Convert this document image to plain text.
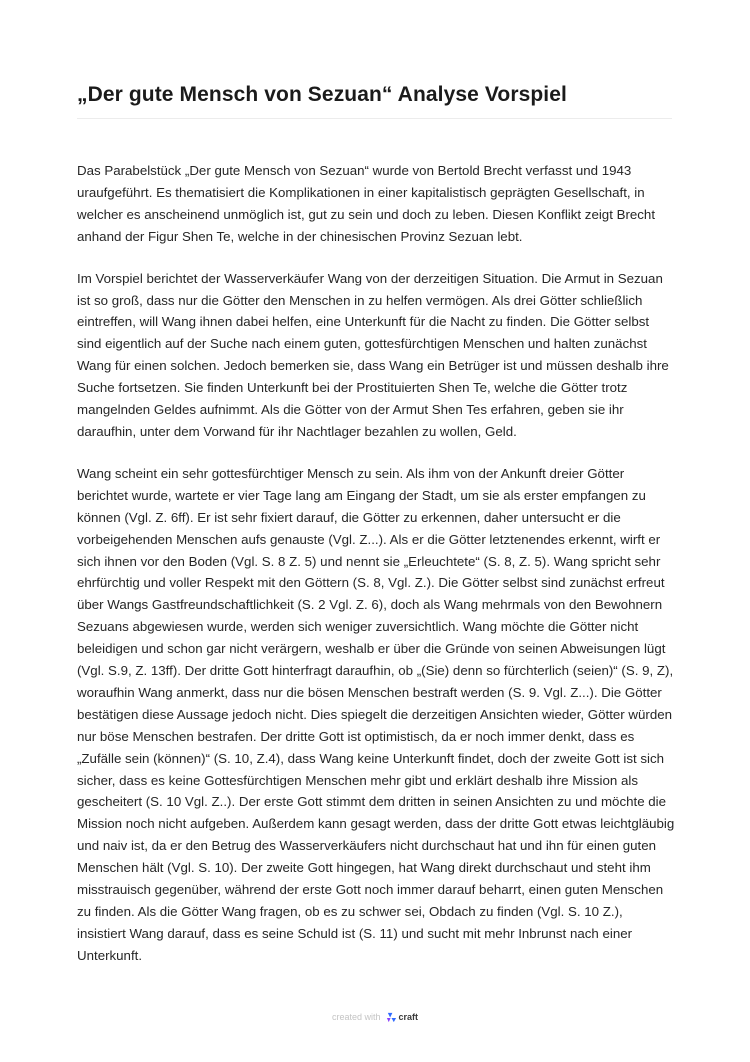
„Der gute Mensch von Sezuan“ Analyse Vorspiel

Das Parabelstück „Der gute Mensch von Sezuan“ wurde von Bertold Brecht verfasst und 1943 uraufgeführt. Es thematisiert die Komplikationen in einer kapitalistisch geprägten Gesellschaft, in welcher es anscheinend unmöglich ist, gut zu sein und doch zu leben. Diesen Konflikt zeigt Brecht anhand der Figur Shen Te, welche in der chinesischen Provinz Sezuan lebt.

Im Vorspiel berichtet der Wasserverkäufer Wang von der derzeitigen Situation. Die Armut in Sezuan ist so groß, dass nur die Götter den Menschen in zu helfen vermögen. Als drei Götter schließlich eintreffen, will Wang ihnen dabei helfen, eine Unterkunft für die Nacht zu finden. Die Götter selbst sind eigentlich auf der Suche nach einem guten, gottesfürchtigen Menschen und halten zunächst Wang für einen solchen. Jedoch bemerken sie, dass Wang ein Betrüger ist und müssen deshalb ihre Suche fortsetzen. Sie finden Unterkunft bei der Prostituierten Shen Te, welche die Götter trotz mangelnden Geldes aufnimmt. Als die Götter von der Armut Shen Tes erfahren, geben sie ihr daraufhin, unter dem Vorwand für ihr Nachtlager bezahlen zu wollen, Geld.

Wang scheint ein sehr gottesfürchtiger Mensch zu sein. Als ihm von der Ankunft dreier Götter berichtet wurde, wartete er vier Tage lang am Eingang der Stadt, um sie als erster empfangen zu können (Vgl. Z. 6ff). Er ist sehr fixiert darauf, die Götter zu erkennen, daher untersucht er die vorbeigehenden Menschen aufs genauste (Vgl. Z...). Als er die Götter letztenendes erkennt, wirft er sich ihnen vor den Boden (Vgl. S. 8 Z. 5) und nennt sie „Erleuchtete“ (S. 8, Z. 5). Wang spricht sehr ehrfürchtig und voller Respekt mit den Göttern (S. 8, Vgl. Z.). Die Götter selbst sind zunächst erfreut über Wangs Gastfreundschaftlichkeit (S. 2 Vgl. Z. 6), doch als Wang mehrmals von den Bewohnern Sezuans abgewiesen wurde, werden sich weniger zuversichtlich. Wang möchte die Götter nicht beleidigen und schon gar nicht verärgern, weshalb er über die Gründe von seinen Abweisungen lügt (Vgl. S.9, Z. 13ff). Der dritte Gott hinterfragt daraufhin, ob „(Sie) denn so fürchterlich (seien)“ (S. 9, Z), woraufhin Wang anmerkt, dass nur die bösen Menschen bestraft werden (S. 9. Vgl. Z...). Die Götter bestätigen diese Aussage jedoch nicht. Dies spiegelt die derzeitigen Ansichten wieder, Götter würden nur böse Menschen bestrafen. Der dritte Gott ist optimistisch, da er noch immer denkt, dass es „Zufälle sein (können)“ (S. 10, Z.4), dass Wang keine Unterkunft findet, doch der zweite Gott ist sich sicher, dass es keine Gottesfürchtigen Menschen mehr gibt und erklärt deshalb ihre Mission als gescheitert (S. 10 Vgl. Z..). Der erste Gott stimmt dem dritten in seinen Ansichten zu und möchte die Mission noch nicht aufgeben. Außerdem kann gesagt werden, dass der dritte Gott etwas leichtgläubig und naiv ist, da er den Betrug des Wasserverkäufers nicht durchschaut hat und ihn für einen guten Menschen hält (Vgl. S. 10). Der zweite Gott hingegen, hat Wang direkt durchschaut und steht ihm misstrauisch gegenüber, während der erste Gott noch immer darauf beharrt, einen guten Menschen zu finden. Als die Götter Wang fragen, ob es zu schwer sei, Obdach zu finden (Vgl. S. 10 Z.), insistiert Wang darauf, dass es seine Schuld ist (S. 11) und sucht mit mehr Inbrunst nach einer Unterkunft.

created with craft
